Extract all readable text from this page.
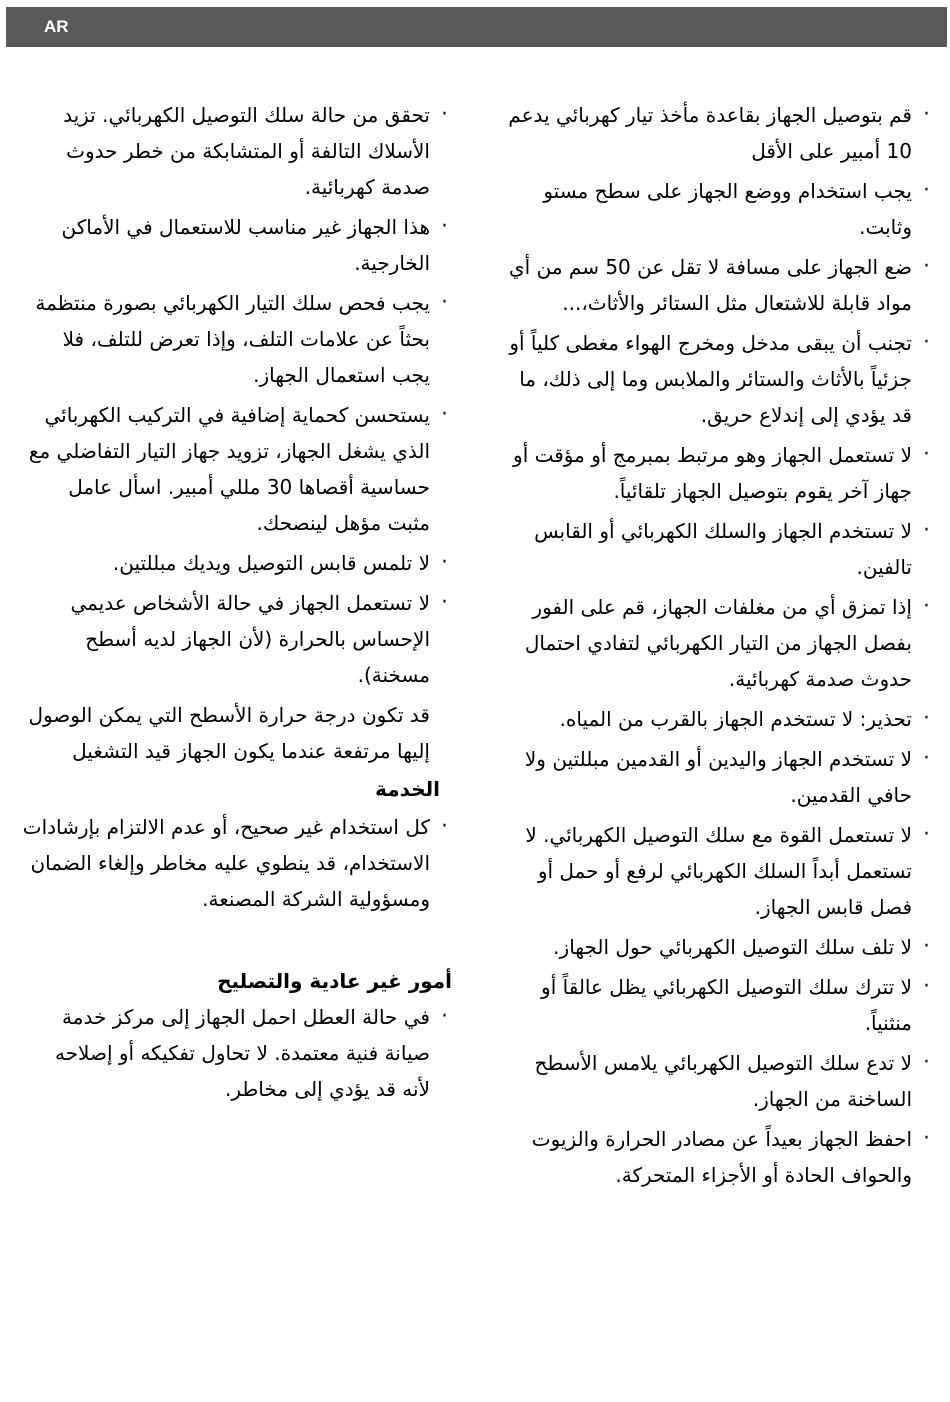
AR
· قم بتوصيل الجهاز بقاعدة مأخذ تيار كهربائي يدعم 10 أمبير على الأقل
· يجب استخدام ووضع الجهاز على سطح مستو وثابت.
· ضع الجهاز على مسافة لا تقل عن 50 سم من أي مواد قابلة للاشتعال مثل الستائر والأثاث،...
· تجنب أن يبقى مدخل ومخرج الهواء مغطى كلياً أو جزئياً بالأثاث والستائر والملابس وما إلى ذلك، ما قد يؤدي إلى إندلاع حريق.
· لا تستعمل الجهاز وهو مرتبط بمبرمج أو مؤقت أو جهاز آخر يقوم بتوصيل الجهاز تلقائياً.
· لا تستخدم الجهاز والسلك الكهربائي أو القابس تالفين.
· إذا تمزق أي من مغلفات الجهاز، قم على الفور بفصل الجهاز من التيار الكهربائي لتفادي احتمال حدوث صدمة كهربائية.
· تحذير: لا تستخدم الجهاز بالقرب من المياه.
· لا تستخدم الجهاز واليدين أو القدمين مبللتين ولا حافي القدمين.
· لا تستعمل القوة مع سلك التوصيل الكهربائي. لا تستعمل أبداً السلك الكهربائي لرفع أو حمل أو فصل قابس الجهاز.
· لا تلف سلك التوصيل الكهربائي حول الجهاز.
· لا تترك سلك التوصيل الكهربائي يظل عالقاً أو منثنياً.
· لا تدع سلك التوصيل الكهربائي يلامس الأسطح الساخنة من الجهاز.
· احفظ الجهاز بعيداً عن مصادر الحرارة والزيوت والحواف الحادة أو الأجزاء المتحركة.
· تحقق من حالة سلك التوصيل الكهربائي. تزيد الأسلاك التالفة أو المتشابكة من خطر حدوث صدمة كهربائية.
· هذا الجهاز غير مناسب للاستعمال في الأماكن الخارجية.
· يجب فحص سلك التيار الكهربائي بصورة منتظمة بحثاً عن علامات التلف، وإذا تعرض للتلف، فلا يجب استعمال الجهاز.
· يستحسن كحماية إضافية في التركيب الكهربائي الذي يشغل الجهاز، تزويد جهاز التيار التفاضلي مع حساسية أقصاها 30 مللي أمبير. اسأل عامل مثبت مؤهل لينصحك.
· لا تلمس قابس التوصيل ويديك مبللتين.
· لا تستعمل الجهاز في حالة الأشخاص عديمي الإحساس بالحرارة (لأن الجهاز لديه أسطح مسخنة).
قد تكون درجة حرارة الأسطح التي يمكن الوصول إليها مرتفعة عندما يكون الجهاز قيد التشغيل
الخدمة
· كل استخدام غير صحيح، أو عدم الالتزام بإرشادات الاستخدام، قد ينطوي عليه مخاطر وإلغاء الضمان ومسؤولية الشركة المصنعة.
أمور غير عادية والتصليح
· في حالة العطل احمل الجهاز إلى مركز خدمة صيانة فنية معتمدة. لا تحاول تفكيكه أو إصلاحه لأنه قد يؤدي إلى مخاطر.
